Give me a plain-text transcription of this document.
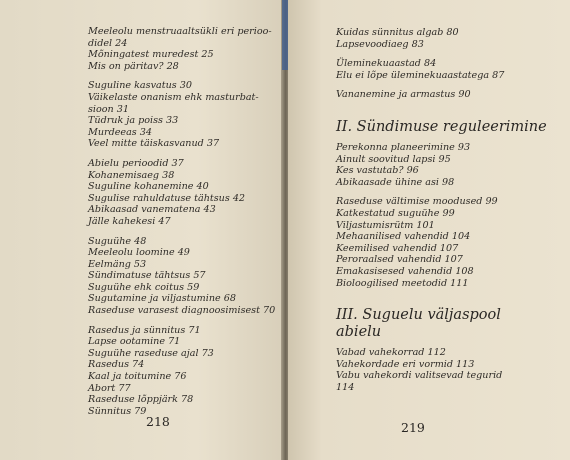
Meeleolu menstruaaltsükli eri perioo-
didel 24
Mõningatest muredest 25
Mis on päritav? 28
Suguline kasvatus 30
Väikelaste onanism ehk masturbat-
sioon 31
Tüdruk ja poiss 33
Murdeeas 34
Veel mitte täiskasvanud 37
Abielu perioodid 37
Kohanemisaeg 38
Suguline kohanemine 40
Sugulise rahuldatuse tähtsus 42
Abikaasad vanematena 43
Jälle kahekesi 47
Suguühe 48
Meeleolu loomine 49
Eelmäng 53
Sündimatuse tähtsus 57
Suguühe ehk coitus 59
Sugutamine ja viljastumine 68
Raseduse varasest diagnoosimisest 70
Rasedus ja sünnitus 71
Lapse ootamine 71
Suguühe raseduse ajal 73
Rasedus 74
Kaal ja toitumine 76
Abort 77
Raseduse lõppjärk 78
Sünnitus 79
218
Kuidas sünnitus algab 80
Lapsevoodiaeg 83
Üleminekuaastad 84
Elu ei lõpe üleminekuaastatega 87
Vananemine ja armastus 90
II. Sündimuse reguleerimine
Perekonna planeerimine 93
Ainult soovitud lapsi 95
Kes vastutab? 96
Abikaasade ühine asi 98
Raseduse vältimise moodused 99
Katkestatud suguühe 99
Viljastumisrütm 101
Mehaanilised vahendid 104
Keemilised vahendid 107
Peroraalsed vahendid 107
Emakasisesed vahendid 108
Bioloogilised meetodid 111
III. Suguelu väljaspool
abielu
Vabad vahekorrad 112
Vahekordade eri vormid 113
Vabu vahekordi valitsevad tegurid
114
219
